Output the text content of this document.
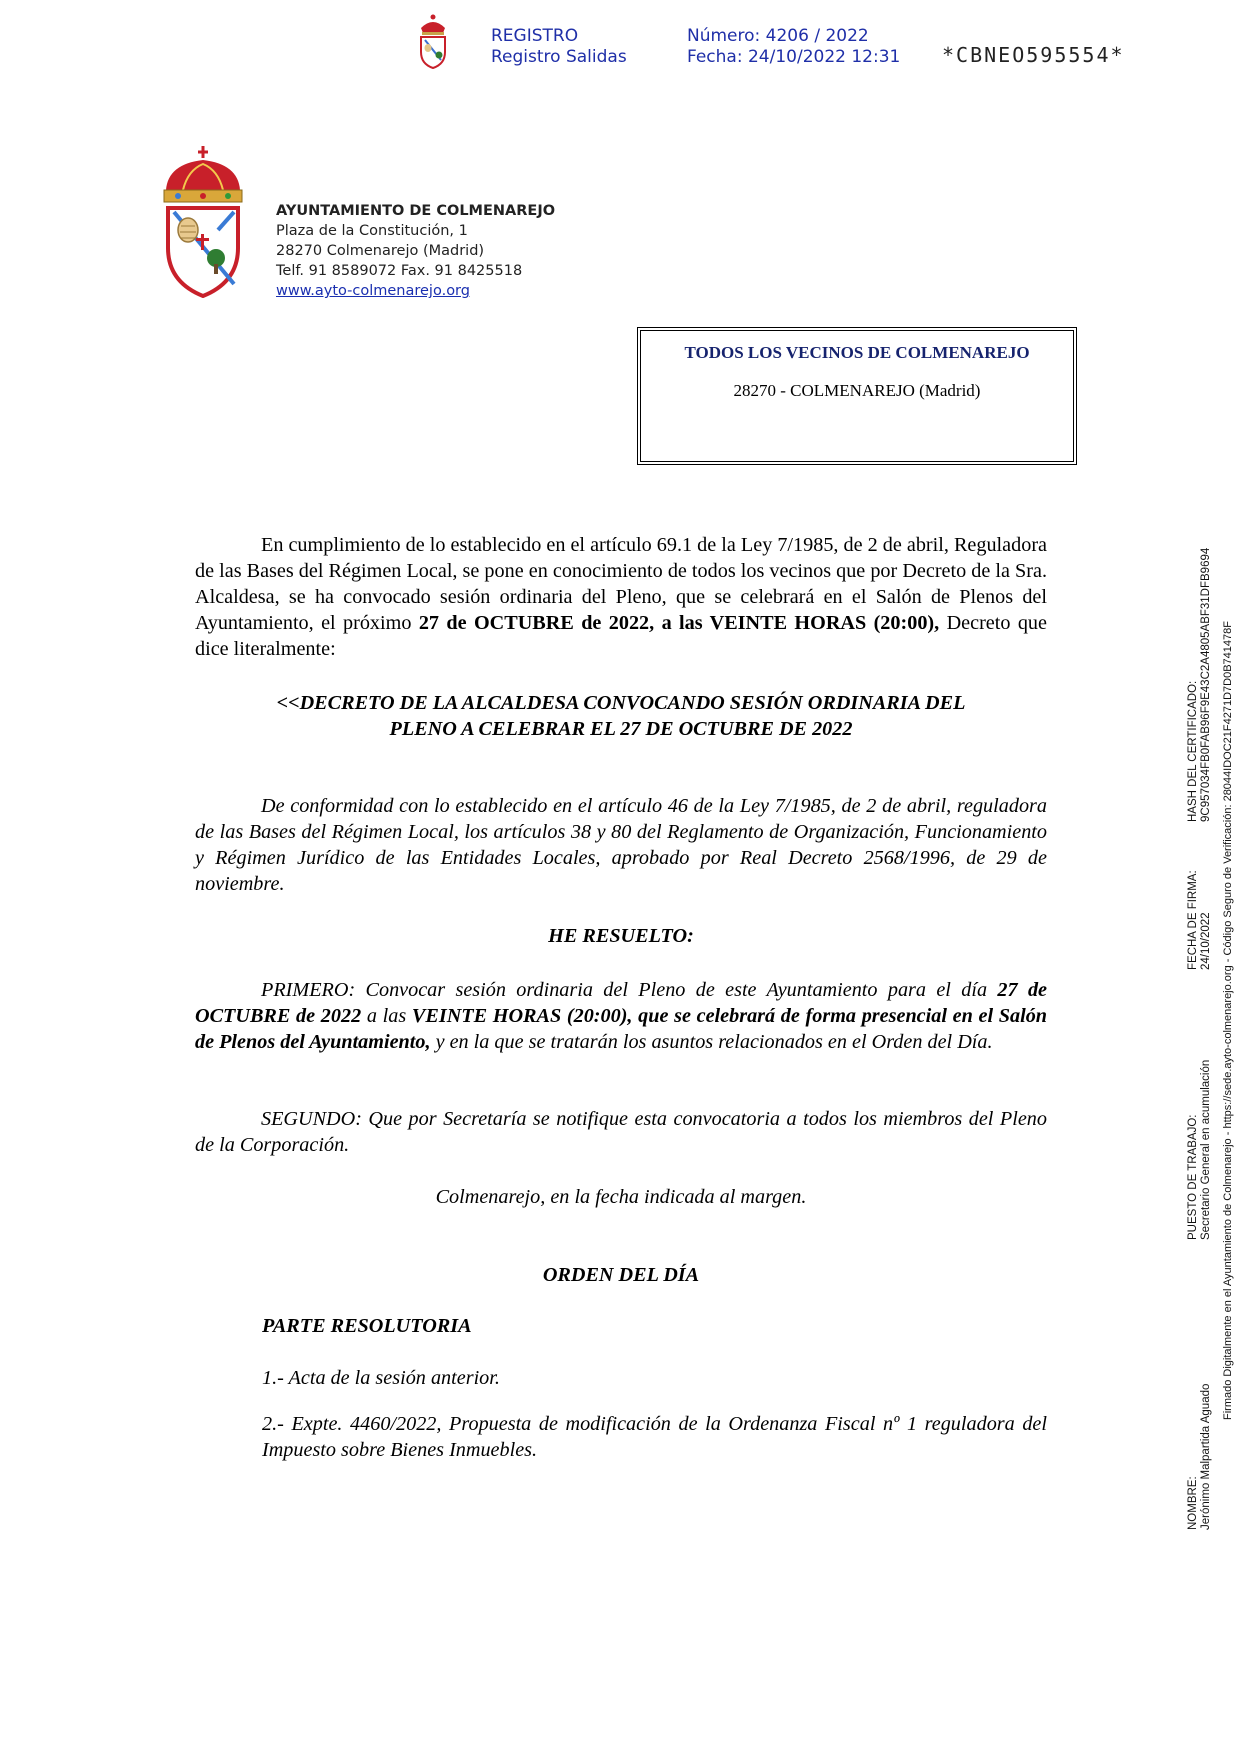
REGISTRO
Registro Salidas
Número: 4206 / 2022
Fecha: 24/10/2022 12:31 *CBNEO595554*
AYUNTAMIENTO DE COLMENAREJO
Plaza de la Constitución, 1
28270 Colmenarejo (Madrid)
Telf. 91 8589072 Fax. 91 8425518
www.ayto-colmenarejo.org
TODOS LOS VECINOS DE COLMENAREJO
28270 - COLMENAREJO (Madrid)
En cumplimiento de lo establecido en el artículo 69.1 de la Ley 7/1985, de 2 de abril, Reguladora de las Bases del Régimen Local, se pone en conocimiento de todos los vecinos que por Decreto de la Sra. Alcaldesa, se ha convocado sesión ordinaria del Pleno, que se celebrará en el Salón de Plenos del Ayuntamiento, el próximo 27 de OCTUBRE de 2022, a las VEINTE HORAS (20:00), Decreto que dice literalmente:
<<DECRETO DE LA ALCALDESA CONVOCANDO SESIÓN ORDINARIA DEL
PLENO A CELEBRAR EL 27 DE OCTUBRE DE 2022
De conformidad con lo establecido en el artículo 46 de la Ley 7/1985, de 2 de abril, reguladora de las Bases del Régimen Local, los artículos 38 y 80 del Reglamento de Organización, Funcionamiento y Régimen Jurídico de las Entidades Locales, aprobado por Real Decreto 2568/1996, de 29 de noviembre.
HE RESUELTO:
PRIMERO: Convocar sesión ordinaria del Pleno de este Ayuntamiento para el día 27 de OCTUBRE de 2022 a las VEINTE HORAS (20:00), que se celebrará de forma presencial en el Salón de Plenos del Ayuntamiento, y en la que se tratarán los asuntos relacionados en el Orden del Día.
SEGUNDO: Que por Secretaría se notifique esta convocatoria a todos los miembros del Pleno de la Corporación.
Colmenarejo, en la fecha indicada al margen.
ORDEN DEL DÍA
PARTE RESOLUTORIA
1.- Acta de la sesión anterior.
2.- Expte. 4460/2022, Propuesta de modificación de la Ordenanza Fiscal nº 1 reguladora del Impuesto sobre Bienes Inmuebles.
NOMBRE: Jerónimo Malpartida Aguado
PUESTO DE TRABAJO: Secretario General en acumulación
FECHA DE FIRMA: 24/10/2022
HASH DEL CERTIFICADO: 9C957034FB0FAB96F9E43C2A4805ABF31DFB9694 Firmado Digitalmente en el Ayuntamiento de Colmenarejo - https://sede.ayto-colmenarejo.org - Código Seguro de Verificación: 28044IDOC21F4271D7D0B741478F
